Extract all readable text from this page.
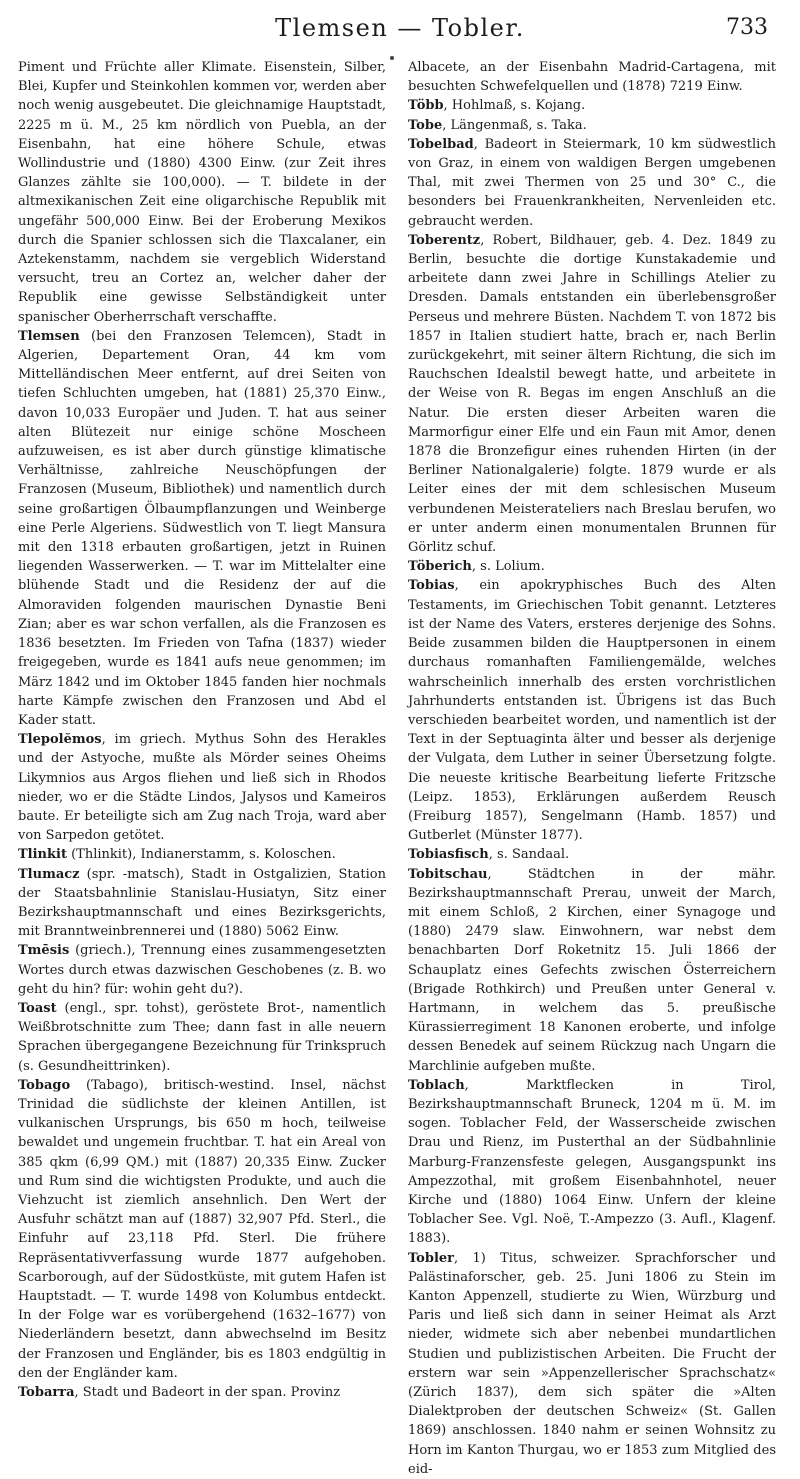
Tlemsen — Tobler.	733

Piment und Früchte aller Klimate. Eisenstein, Silber, Blei, Kupfer und Steinkohlen kommen vor, werden aber noch wenig ausgebeutet. Die gleichnamige Hauptstadt, 2225 m ü. M., 25 km nördlich von Puebla, an der Eisenbahn, hat eine höhere Schule, etwas Wollindustrie und (1880) 4300 Einw. (zur Zeit ihres Glanzes zählte sie 100,000). — T. bildete in der altmexikanischen Zeit eine oligarchische Republik mit ungefähr 500,000 Einw. Bei der Eroberung Mexikos durch die Spanier schlossen sich die Tlaxcalaner, ein Aztekenstamm, nachdem sie vergeblich Widerstand versucht, treu an Cortez an, welcher daher der Republik eine gewisse Selbständigkeit unter spanischer Oberherrschaft verschaffte.

Tlemsen (bei den Franzosen Telemcen), Stadt in Algerien, Departement Oran, 44 km vom Mittelländischen Meer entfernt, auf drei Seiten von tiefen Schluchten umgeben, hat (1881) 25,370 Einw., davon 10,033 Europäer und Juden. T. hat aus seiner alten Blütezeit nur einige schöne Moscheen aufzuweisen, es ist aber durch günstige klimatische Verhältnisse, zahlreiche Neuschöpfungen der Franzosen (Museum, Bibliothek) und namentlich durch seine großartigen Ölbaumpflanzungen und Weinberge eine Perle Algeriens. Südwestlich von T. liegt Mansura mit den 1318 erbauten großartigen, jetzt in Ruinen liegenden Wasserwerken. — T. war im Mittelalter eine blühende Stadt und die Residenz der auf die Almoraviden folgenden maurischen Dynastie Beni Zian; aber es war schon verfallen, als die Franzosen es 1836 besetzten. Im Frieden von Tafna (1837) wieder freigegeben, wurde es 1841 aufs neue genommen; im März 1842 und im Oktober 1845 fanden hier nochmals harte Kämpfe zwischen den Franzosen und Abd el Kader statt.

Tlepolĕmos, im griech. Mythus Sohn des Herakles und der Astyoche, mußte als Mörder seines Oheims Likymnios aus Argos fliehen und ließ sich in Rhodos nieder, wo er die Städte Lindos, Jalysos und Kameiros baute. Er beteiligte sich am Zug nach Troja, ward aber von Sarpedon getötet.

Tlinkit (Thlinkit), Indianerstamm, s. Koloschen.

Tlumacz (spr. -matsch), Stadt in Ostgalizien, Station der Staatsbahnlinie Stanislau-Husiatyn, Sitz einer Bezirkshauptmannschaft und eines Bezirksgerichts, mit Branntweinbrennerei und (1880) 5062 Einw.

Tmēsis (griech.), Trennung eines zusammengesetzten Wortes durch etwas dazwischen Geschobenes (z. B. wo geht du hin? für: wohin geht du?).

Toast (engl., spr. tohst), geröstete Brot-, namentlich Weißbrotschnitte zum Thee; dann fast in alle neuern Sprachen übergegangene Bezeichnung für Trinkspruch (s. Gesundheittrinken).

Tobago (Tabago), britisch-westind. Insel, nächst Trinidad die südlichste der kleinen Antillen, ist vulkanischen Ursprungs, bis 650 m hoch, teilweise bewaldet und ungemein fruchtbar. T. hat ein Areal von 385 qkm (6,99 QM.) mit (1887) 20,335 Einw. Zucker und Rum sind die wichtigsten Produkte, und auch die Viehzucht ist ziemlich ansehnlich. Den Wert der Ausfuhr schätzt man auf (1887) 32,907 Pfd. Sterl., die Einfuhr auf 23,118 Pfd. Sterl. Die frühere Repräsentativverfassung wurde 1877 aufgehoben. Scarborough, auf der Südostküste, mit gutem Hafen ist Hauptstadt. — T. wurde 1498 von Kolumbus entdeckt. In der Folge war es vorübergehend (1632–1677) von Niederländern besetzt, dann abwechselnd im Besitz der Franzosen und Engländer, bis es 1803 endgültig in den der Engländer kam.

Tobarra, Stadt und Badeort in der span. Provinz

Albacete, an der Eisenbahn Madrid-Cartagena, mit besuchten Schwefelquellen und (1878) 7219 Einw.

Több, Hohlmaß, s. Kojang.

Tobe, Längenmaß, s. Taka.

Tobelbad, Badeort in Steiermark, 10 km südwestlich von Graz, in einem von waldigen Bergen umgebenen Thal, mit zwei Thermen von 25 und 30° C., die besonders bei Frauenkrankheiten, Nervenleiden etc. gebraucht werden.

Toberentz, Robert, Bildhauer, geb. 4. Dez. 1849 zu Berlin, besuchte die dortige Kunstakademie und arbeitete dann zwei Jahre in Schillings Atelier zu Dresden. Damals entstanden ein überlebensgroßer Perseus und mehrere Büsten. Nachdem T. von 1872 bis 1857 in Italien studiert hatte, brach er, nach Berlin zurückgekehrt, mit seiner ältern Richtung, die sich im Rauchschen Idealstil bewegt hatte, und arbeitete in der Weise von R. Begas im engen Anschluß an die Natur. Die ersten dieser Arbeiten waren die Marmorfigur einer Elfe und ein Faun mit Amor, denen 1878 die Bronzefigur eines ruhenden Hirten (in der Berliner Nationalgalerie) folgte. 1879 wurde er als Leiter eines der mit dem schlesischen Museum verbundenen Meisterateliers nach Breslau berufen, wo er unter anderm einen monumentalen Brunnen für Görlitz schuf.

Töberich, s. Lolium.

Tobias, ein apokryphisches Buch des Alten Testaments, im Griechischen Tobit genannt. Letzteres ist der Name des Vaters, ersteres derjenige des Sohns. Beide zusammen bilden die Hauptpersonen in einem durchaus romanhaften Familiengemälde, welches wahrscheinlich innerhalb des ersten vorchristlichen Jahrhunderts entstanden ist. Übrigens ist das Buch verschieden bearbeitet worden, und namentlich ist der Text in der Septuaginta älter und besser als derjenige der Vulgata, dem Luther in seiner Übersetzung folgte. Die neueste kritische Bearbeitung lieferte Fritzsche (Leipz. 1853), Erklärungen außerdem Reusch (Freiburg 1857), Sengelmann (Hamb. 1857) und Gutberlet (Münster 1877).

Tobiasfisch, s. Sandaal.

Tobitschau, Städtchen in der mähr. Bezirkshauptmannschaft Prerau, unweit der March, mit einem Schloß, 2 Kirchen, einer Synagoge und (1880) 2479 slaw. Einwohnern, war nebst dem benachbarten Dorf Roketnitz 15. Juli 1866 der Schauplatz eines Gefechts zwischen Österreichern (Brigade Rothkirch) und Preußen unter General v. Hartmann, in welchem das 5. preußische Kürassierregiment 18 Kanonen eroberte, und infolge dessen Benedek auf seinem Rückzug nach Ungarn die Marchlinie aufgeben mußte.

Toblach, Marktflecken in Tirol, Bezirkshauptmannschaft Bruneck, 1204 m ü. M. im sogen. Toblacher Feld, der Wasserscheide zwischen Drau und Rienz, im Pusterthal an der Südbahnlinie Marburg-Franzensfeste gelegen, Ausgangspunkt ins Ampezzothal, mit großem Eisenbahnhotel, neuer Kirche und (1880) 1064 Einw. Unfern der kleine Toblacher See. Vgl. Noë, T.-Ampezzo (3. Aufl., Klagenf. 1883).

Tobler, 1) Titus, schweizer. Sprachforscher und Palästinaforscher, geb. 25. Juni 1806 zu Stein im Kanton Appenzell, studierte zu Wien, Würzburg und Paris und ließ sich dann in seiner Heimat als Arzt nieder, widmete sich aber nebenbei mundartlichen Studien und publizistischen Arbeiten. Die Frucht der erstern war sein »Appenzellerischer Sprachschatz« (Zürich 1837), dem sich später die »Alten Dialektproben der deutschen Schweiz« (St. Gallen 1869) anschlossen. 1840 nahm er seinen Wohnsitz zu Horn im Kanton Thurgau, wo er 1853 zum Mitglied des eid-
